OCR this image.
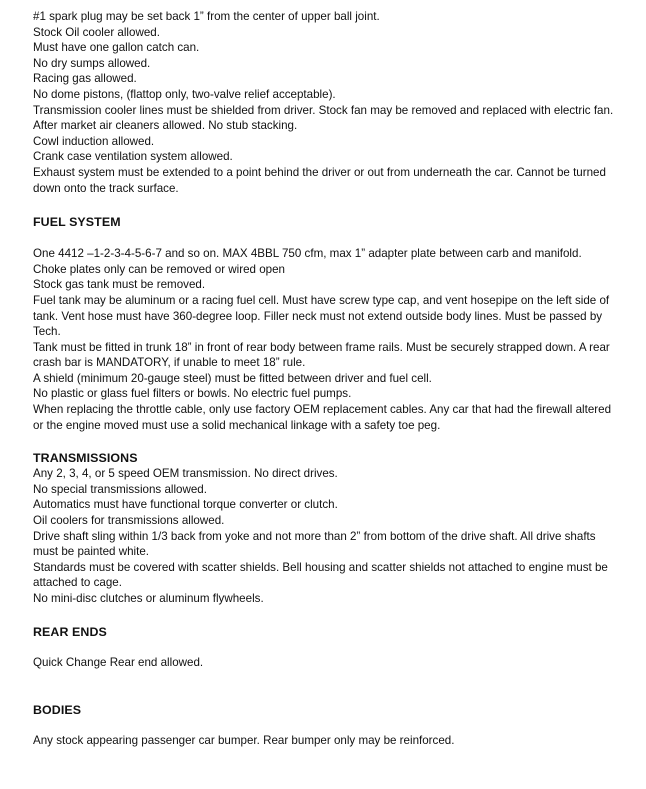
#1 spark plug may be set back 1” from the center of upper ball joint.

Stock Oil cooler allowed.

Must have one gallon catch can.

No dry sumps allowed.

Racing gas allowed.

No dome pistons, (flattop only, two-valve relief acceptable).

Transmission cooler lines must be shielded from driver. Stock fan may be removed and replaced with electric fan.

After market air cleaners allowed. No stub stacking.

Cowl induction allowed.

Crank case ventilation system allowed.

Exhaust system must be extended to a point behind the driver or out from underneath the car. Cannot be turned down onto the track surface.

FUEL SYSTEM

One 4412 –1-2-3-4-5-6-7 and so on. MAX 4BBL 750 cfm, max 1” adapter plate between carb and manifold.

Choke plates only can be removed or wired open

Stock gas tank must be removed.

Fuel tank may be aluminum or a racing fuel cell. Must have screw type cap, and vent hosepipe on the left side of tank. Vent hose must have 360-degree loop. Filler neck must not extend outside body lines. Must be passed by Tech.

Tank must be fitted in trunk 18” in front of rear body between frame rails. Must be securely strapped down. A rear crash bar is MANDATORY, if unable to meet 18” rule.

A shield (minimum 20-gauge steel) must be fitted between driver and fuel cell.

No plastic or glass fuel filters or bowls. No electric fuel pumps.

When replacing the throttle cable, only use factory OEM replacement cables. Any car that had the firewall altered or the engine moved must use a solid mechanical linkage with a safety toe peg.

TRANSMISSIONS

Any 2, 3, 4, or 5 speed OEM transmission. No direct drives.

No special transmissions allowed.

Automatics must have functional torque converter or clutch.

Oil coolers for transmissions allowed.

Drive shaft sling within 1/3 back from yoke and not more than 2” from bottom of the drive shaft. All drive shafts must be painted white.

Standards must be covered with scatter shields. Bell housing and scatter shields not attached to engine must be attached to cage.

No mini-disc clutches or aluminum flywheels.

REAR ENDS

Quick Change Rear end allowed.

BODIES

Any stock appearing passenger car bumper. Rear bumper only may be reinforced.
